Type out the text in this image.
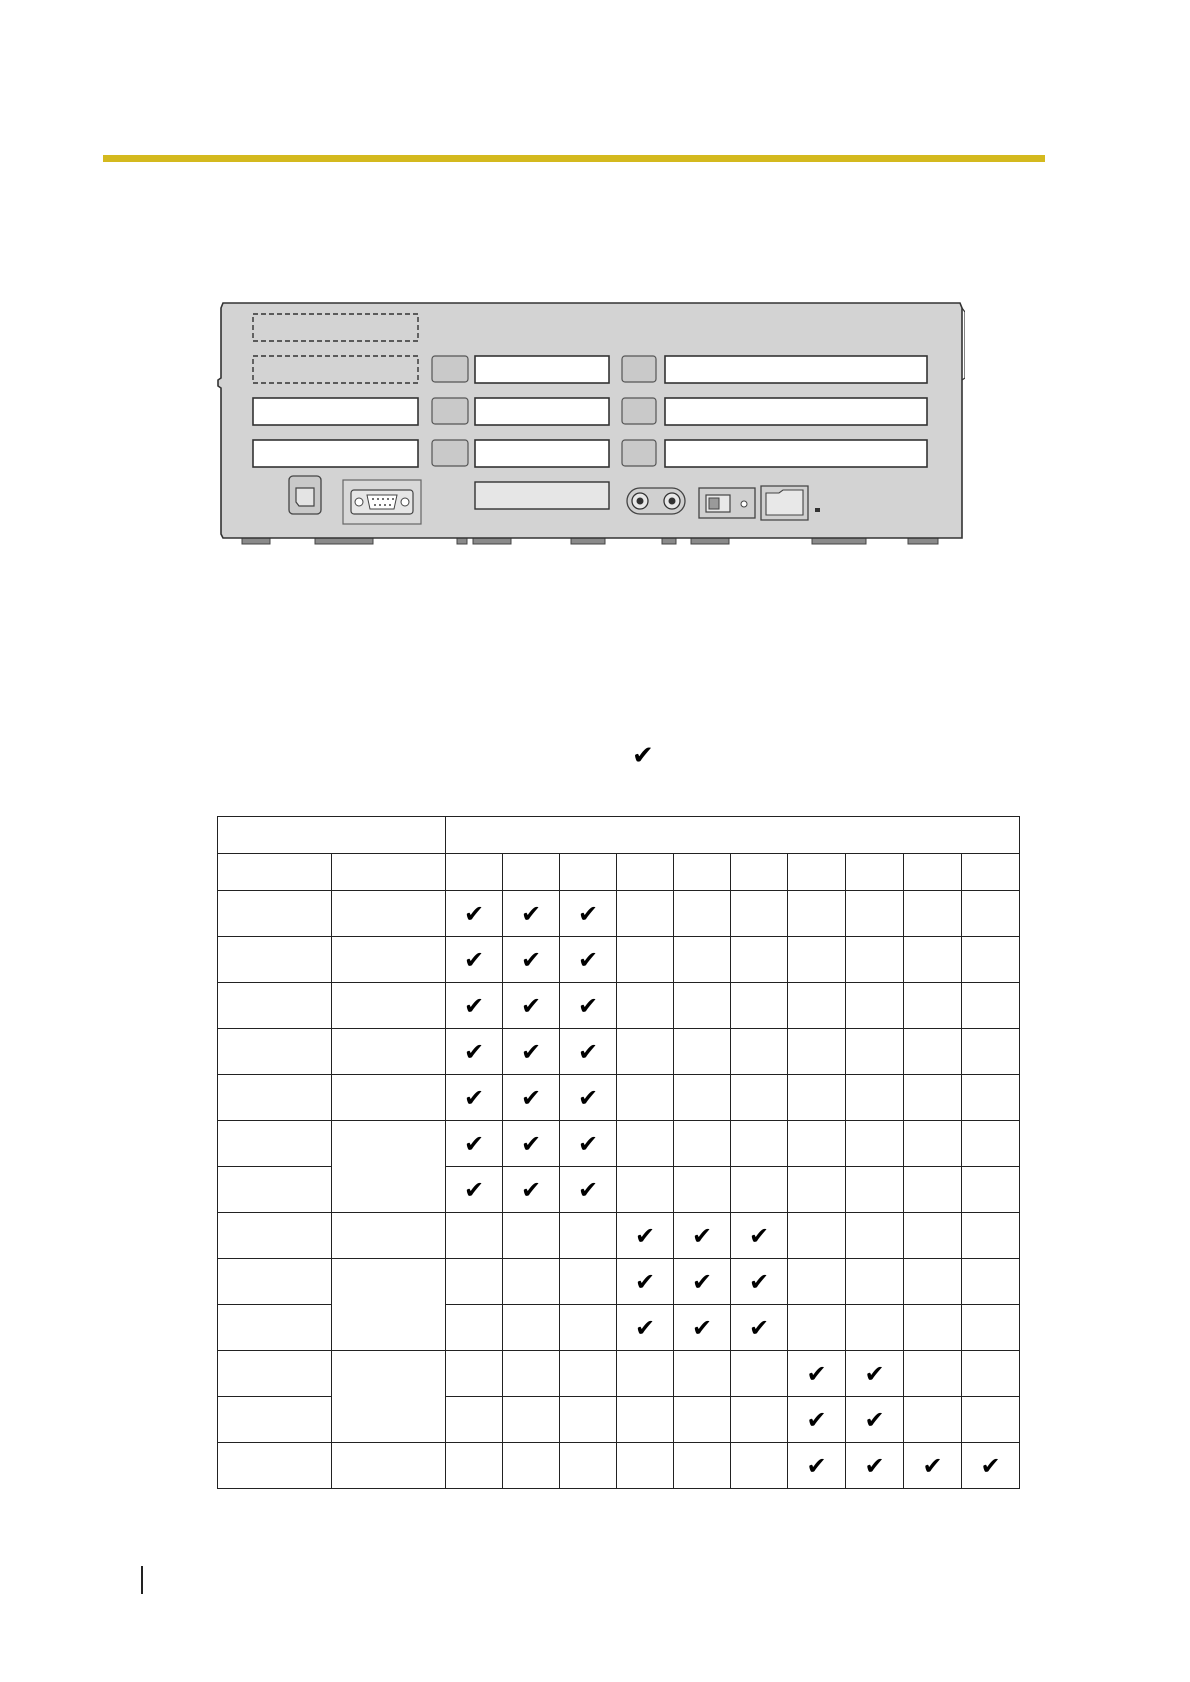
✔

		✔	✔	✔							
		✔	✔	✔							
		✔	✔	✔							
		✔	✔	✔							
		✔	✔	✔							
		✔	✔	✔							
		✔	✔	✔							
					✔	✔	✔				
					✔	✔	✔				
					✔	✔	✔				
								✔	✔		
								✔	✔		
								✔	✔	✔	✔
